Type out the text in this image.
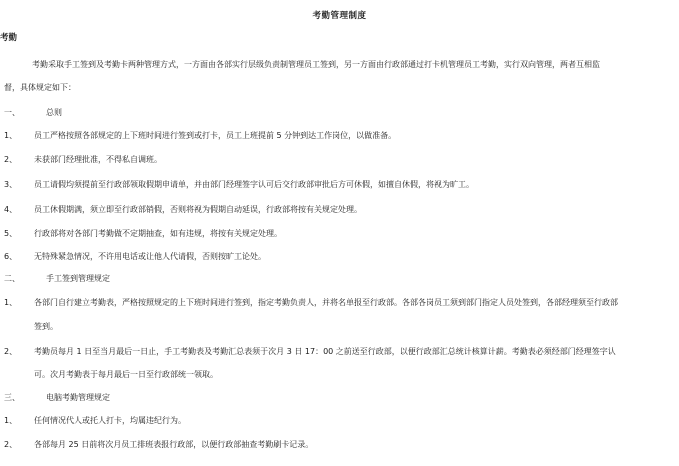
考勤管理制度
考勤
考勤采取手工签到及考勤卡两种管理方式，一方面由各部实行层级负责制管理员工签到，另一方面由行政部通过打卡机管理员工考勤，实行双向管理，两者互相监
督，具体规定如下：
一、	总则
1、 员工严格按照各部规定的上下班时间进行签到或打卡，员工上班提前 5 分钟到达工作岗位，以做准备。
2、 未获部门经理批准，不得私自调班。
3、 员工请假均须提前至行政部领取假期申请单，并由部门经理签字认可后交行政部审批后方可休假，如擅自休假，将视为旷工。
4、 员工休假期满，须立即至行政部销假，否则将视为假期自动延误，行政部将按有关规定处理。
5、 行政部将对各部门考勤做不定期抽查，如有违规，将按有关规定处理。
6、 无特殊紧急情况，不许用电话或让他人代请假，否则按旷工论处。
二、	手工签到管理规定
1、 各部门自行建立考勤表，严格按照规定的上下班时间进行签到，指定考勤负责人，并将名单报至行政部。各部各岗员工须到部门指定人员处签到，各部经理须至行政部
签到。
2、 考勤员每月 1 日至当月最后一日止，手工考勤表及考勤汇总表须于次月 3 日 17：00 之前送至行政部，以便行政部汇总统计核算计薪。考勤表必须经部门经理签字认
可。次月考勤表于每月最后一日至行政部统一领取。
三、	电脑考勤管理规定
1、 任何情况代人或托人打卡，均属违纪行为。
2、 各部每月 25 日前将次月员工排班表报行政部，以便行政部抽查考勤刷卡记录。
